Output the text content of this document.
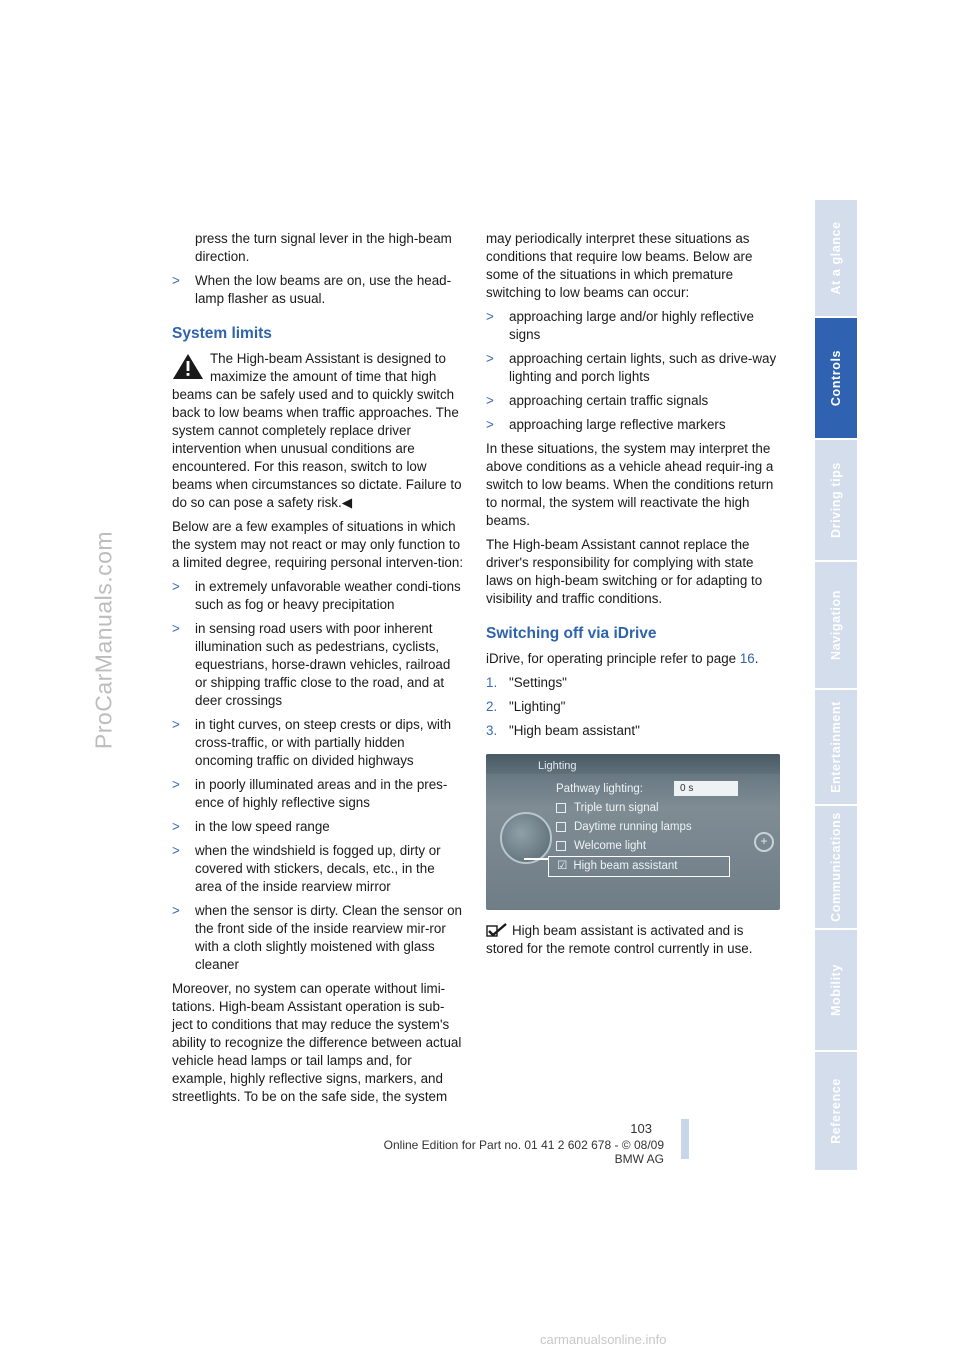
ProCarManuals.com

press the turn signal lever in the high-beam direction.

> When the low beams are on, use the head-lamp flasher as usual.
System limits

The High-beam Assistant is designed to maximize the amount of time that high beams can be safely used and to quickly switch back to low beams when traffic approaches. The system cannot completely replace driver intervention when unusual conditions are encountered. For this reason, switch to low beams when circumstances so dictate. Failure to do so can pose a safety risk.◀

Below are a few examples of situations in which the system may not react or may only function to a limited degree, requiring personal interven-tion:

> in extremely unfavorable weather condi-tions such as fog or heavy precipitation
> in sensing road users with poor inherent illumination such as pedestrians, cyclists, equestrians, horse-drawn vehicles, railroad or shipping traffic close to the road, and at deer crossings
> in tight curves, on steep crests or dips, with cross-traffic, or with partially hidden oncoming traffic on divided highways
> in poorly illuminated areas and in the pres-ence of highly reflective signs
> in the low speed range
> when the windshield is fogged up, dirty or covered with stickers, decals, etc., in the area of the inside rearview mirror
> when the sensor is dirty. Clean the sensor on the front side of the inside rearview mir-ror with a cloth slightly moistened with glass cleaner

Moreover, no system can operate without limi-tations. High-beam Assistant operation is sub-ject to conditions that may reduce the system's ability to recognize the difference between actual vehicle head lamps or tail lamps and, for example, highly reflective signs, markers, and streetlights. To be on the safe side, the system

may periodically interpret these situations as conditions that require low beams. Below are some of the situations in which premature switching to low beams can occur:

> approaching large and/or highly reflective signs
> approaching certain lights, such as drive-way lighting and porch lights
> approaching certain traffic signals
> approaching large reflective markers

In these situations, the system may interpret the above conditions as a vehicle ahead requir-ing a switch to low beams. When the conditions return to normal, the system will reactivate the high beams.

The High-beam Assistant cannot replace the driver's responsibility for complying with state laws on high-beam switching or for adapting to visibility and traffic conditions.

Switching off via iDrive

iDrive, for operating principle refer to page 16.

1. "Settings"

2. "Lighting"

3. "High beam assistant"

Lighting
+
Pathway lighting:	0 s
Triple turn signal
Daytime running lamps
Welcome light
☑ High beam assistant

High beam assistant is activated and is stored for the remote control currently in use.

103
Online Edition for Part no. 01 41 2 602 678 - © 08/09 BMW AG
At a glance
Controls
Driving tips
Navigation
Entertainment
Communications
Mobility
Reference
carmanualsonline.info
